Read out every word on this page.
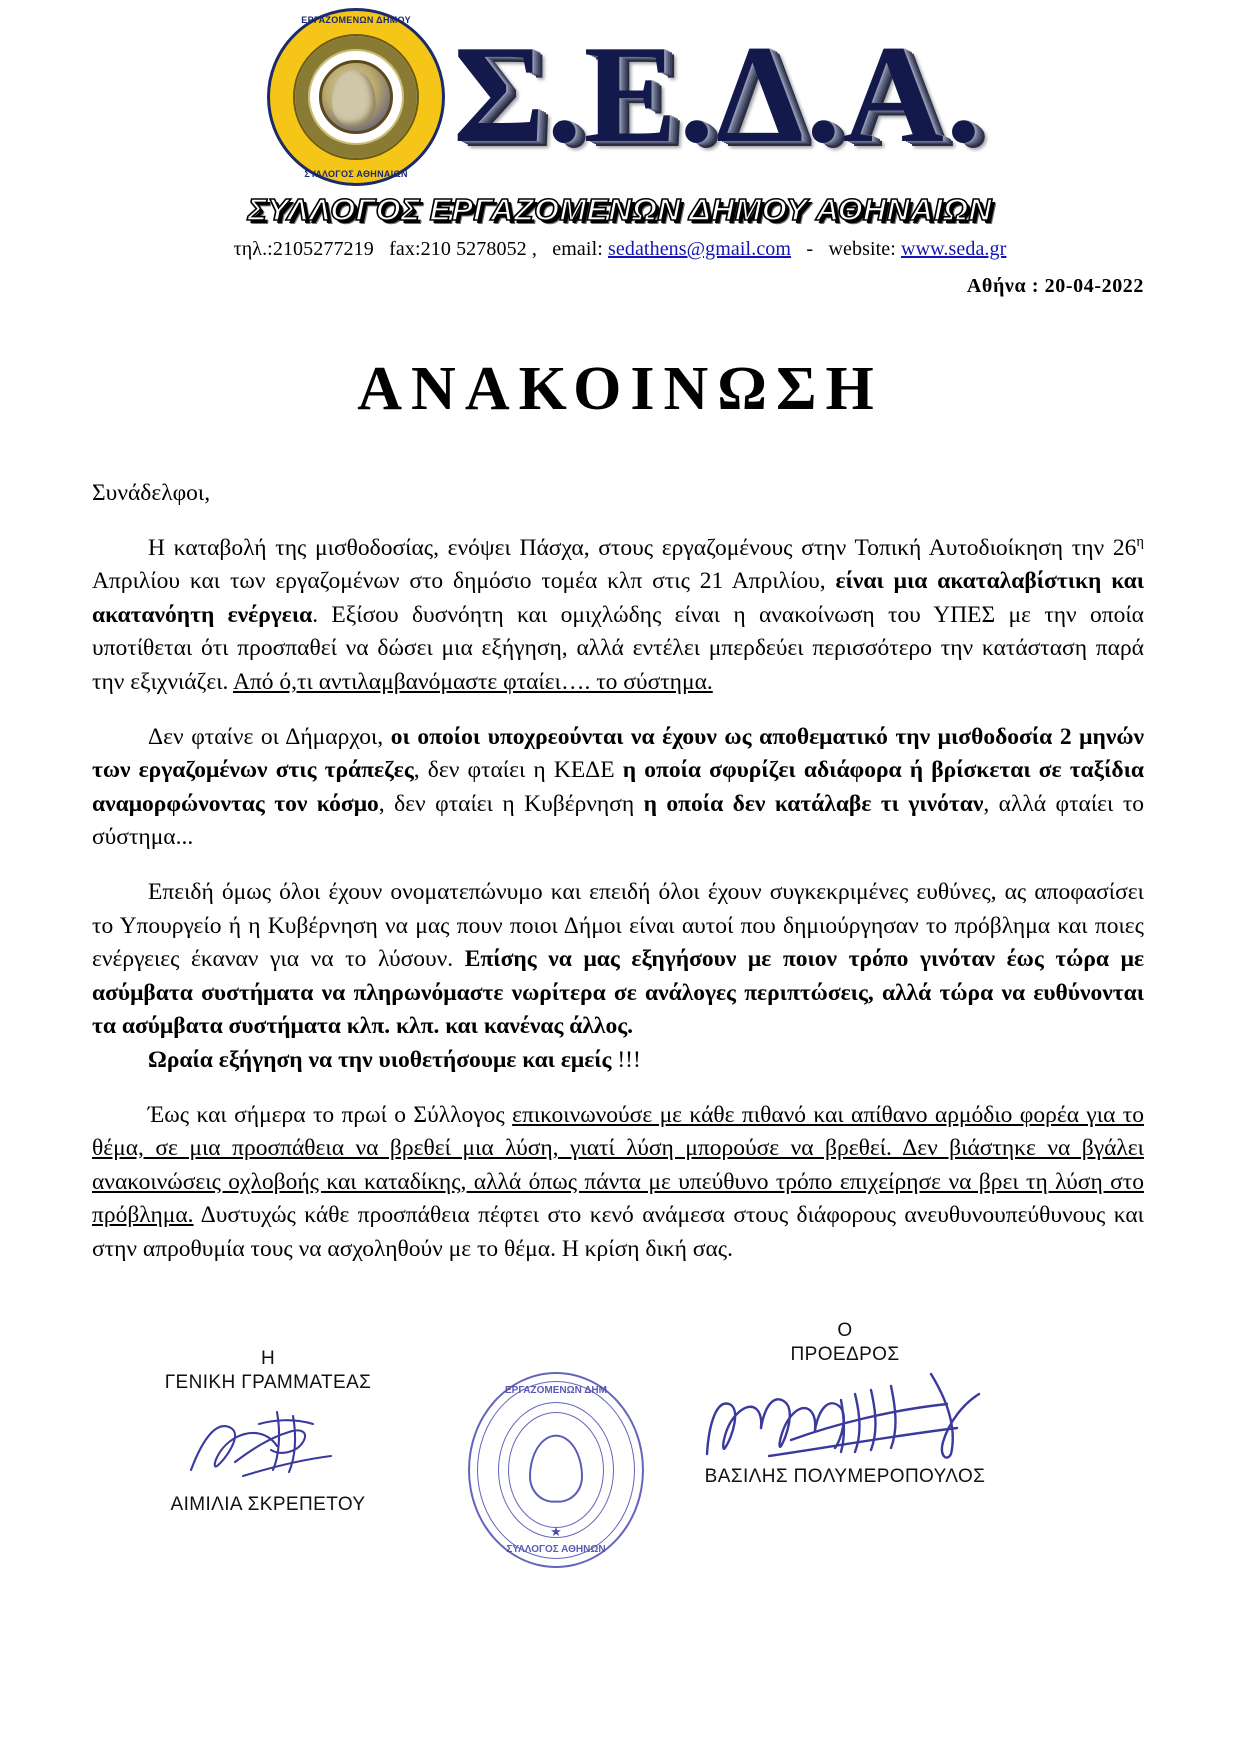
ΕΡΓΑΖΟΜΕΝΩΝ ΔΗΜΟΥ
ΣΥΛΛΟΓΟΣ ΑΘΗΝΑΙΩΝ
Σ.Ε.Δ.Α.
ΣΥΛΛΟΓΟΣ ΕΡΓΑΖΟΜΕΝΩΝ ΔΗΜΟΥ ΑΘΗΝΑΙΩΝ
τηλ.:2105277219 fax:210 5278052 , email: sedathens@gmail.com - website: www.seda.gr
Αθήνα : 20-04-2022
ΑΝΑΚΟΙΝΩΣΗ

Συνάδελφοι,

Η καταβολή της μισθοδοσίας, ενόψει Πάσχα, στους εργαζομένους στην Τοπική Αυτοδιοίκηση την $26^\eta$ Απριλίου και των εργαζομένων στο δημόσιο τομέα κλπ στις 21 Απριλίου, είναι μια ακαταλαβίστικη και ακατανόητη ενέργεια. Εξίσου δυσνόητη και ομιχλώδης είναι η ανακοίνωση του ΥΠΕΣ με την οποία υποτίθεται ότι προσπαθεί να δώσει μια εξήγηση, αλλά εντέλει μπερδεύει περισσότερο την κατάσταση παρά την εξιχνιάζει. Από ό,τι αντιλαμβανόμαστε φταίει…. το σύστημα.

Δεν φταίνε οι Δήμαρχοι, οι οποίοι υποχρεούνται να έχουν ως αποθεματικό την μισθοδοσία 2 μηνών των εργαζομένων στις τράπεζες, δεν φταίει η ΚΕΔΕ η οποία σφυρίζει αδιάφορα ή βρίσκεται σε ταξίδια αναμορφώνοντας τον κόσμο, δεν φταίει η Κυβέρνηση η οποία δεν κατάλαβε τι γινόταν, αλλά φταίει το σύστημα...

Επειδή όμως όλοι έχουν ονοματεπώνυμο και επειδή όλοι έχουν συγκεκριμένες ευθύνες, ας αποφασίσει το Υπουργείο ή η Κυβέρνηση να μας πουν ποιοι Δήμοι είναι αυτοί που δημιούργησαν το πρόβλημα και ποιες ενέργειες έκαναν για να το λύσουν. Επίσης να μας εξηγήσουν με ποιον τρόπο γινόταν έως τώρα με ασύμβατα συστήματα να πληρωνόμαστε νωρίτερα σε ανάλογες περιπτώσεις, αλλά τώρα να ευθύνονται τα ασύμβατα συστήματα κλπ. κλπ. και κανένας άλλος.

Ωραία εξήγηση να την υιοθετήσουμε και εμείς !!!

Έως και σήμερα το πρωί ο Σύλλογος επικοινωνούσε με κάθε πιθανό και απίθανο αρμόδιο φορέα για το θέμα, σε μια προσπάθεια να βρεθεί μια λύση, γιατί λύση μπορούσε να βρεθεί. Δεν βιάστηκε να βγάλει ανακοινώσεις οχλοβοής και καταδίκης, αλλά όπως πάντα με υπεύθυνο τρόπο επιχείρησε να βρει τη λύση στο πρόβλημα. Δυστυχώς κάθε προσπάθεια πέφτει στο κενό ανάμεσα στους διάφορους ανευθυνουπεύθυνους και στην απροθυμία τους να ασχοληθούν με το θέμα. Η κρίση δική σας.

Η
ΓΕΝΙΚΗ ΓΡΑΜΜΑΤΕΑΣ
ΑΙΜΙΛΙΑ ΣΚΡΕΠΕΤΟΥ
ΕΡΓΑΖΟΜΕΝΩΝ ΔΗΜ
ΣΥΛΛΟΓΟΣ ΑΘΗΝΩΝ
★
Ο
ΠΡΟΕΔΡΟΣ
ΒΑΣΙΛΗΣ ΠΟΛΥΜΕΡΟΠΟΥΛΟΣ
